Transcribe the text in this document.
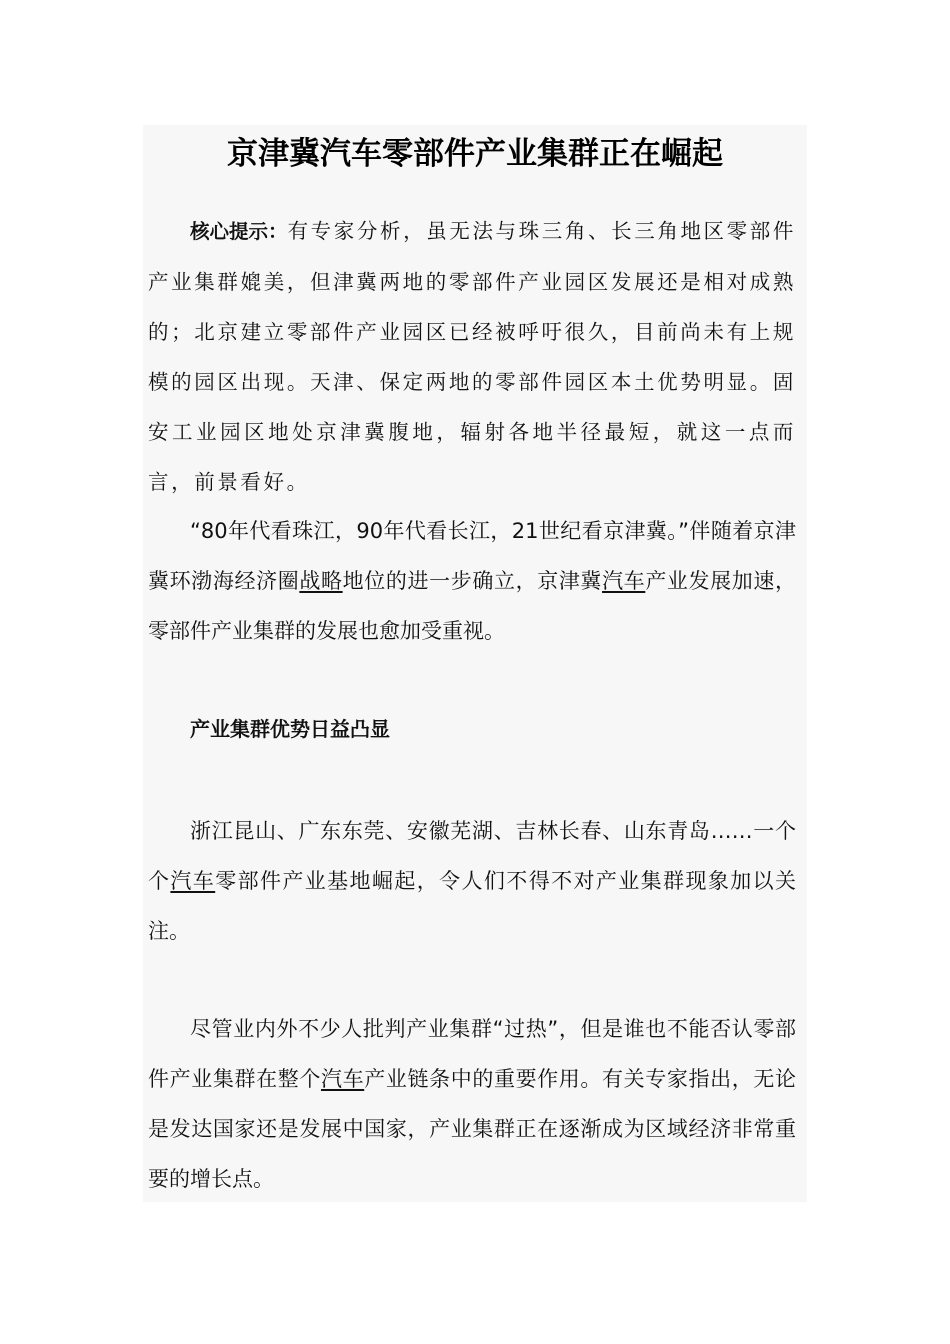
京津冀汽车零部件产业集群正在崛起

核心提示：有专家分析，虽无法与珠三角、长三角地区零部件产业集群媲美，但津冀两地的零部件产业园区发展还是相对成熟的；北京建立零部件产业园区已经被呼吁很久，目前尚未有上规模的园区出现。天津、保定两地的零部件园区本土优势明显。固安工业园区地处京津冀腹地，辐射各地半径最短，就这一点而言，前景看好。

“80年代看珠江，90年代看长江，21世纪看京津冀。”伴随着京津冀环渤海经济圈战略地位的进一步确立，京津冀汽车产业发展加速，零部件产业集群的发展也愈加受重视。

产业集群优势日益凸显

浙江昆山、广东东莞、安徽芜湖、吉林长春、山东青岛……一个个汽车零部件产业基地崛起，令人们不得不对产业集群现象加以关注。

尽管业内外不少人批判产业集群“过热”，但是谁也不能否认零部件产业集群在整个汽车产业链条中的重要作用。有关专家指出，无论是发达国家还是发展中国家，产业集群正在逐渐成为区域经济非常重要的增长点。
